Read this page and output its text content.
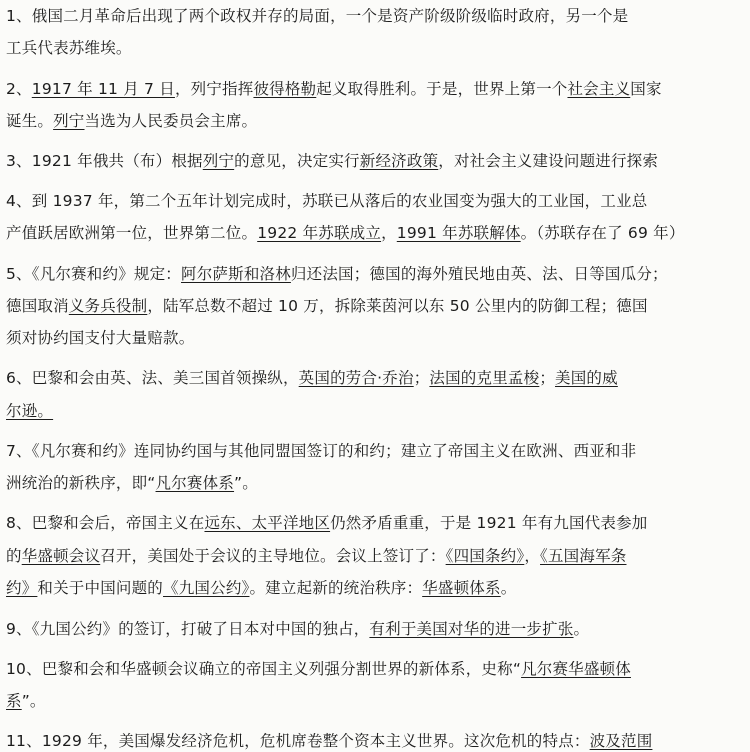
1、俄国二月革命后出现了两个政权并存的局面，一个是资产阶级阶级临时政府，另一个是
工兵代表苏维埃。
2、1917 年 11 月 7 日，列宁指挥彼得格勒起义取得胜利。于是，世界上第一个社会主义国家
诞生。列宁当选为人民委员会主席。
3、1921 年俄共（布）根据列宁的意见，决定实行新经济政策，对社会主义建设问题进行探索
4、到 1937 年，第二个五年计划完成时，苏联已从落后的农业国变为强大的工业国，工业总
产值跃居欧洲第一位，世界第二位。1922 年苏联成立，1991 年苏联解体。（苏联存在了 69 年）
5、《凡尔赛和约》规定：阿尔萨斯和洛林归还法国；德国的海外殖民地由英、法、日等国瓜分；
德国取消义务兵役制，陆军总数不超过 10 万，拆除莱茵河以东 50 公里内的防御工程；德国
须对协约国支付大量赔款。
6、巴黎和会由英、法、美三国首领操纵，英国的劳合·乔治；法国的克里孟梭；美国的威
尔逊。
7、《凡尔赛和约》连同协约国与其他同盟国签订的和约；建立了帝国主义在欧洲、西亚和非
洲统治的新秩序，即“凡尔赛体系”。
8、巴黎和会后，帝国主义在远东、太平洋地区仍然矛盾重重，于是 1921 年有九国代表参加
的华盛顿会议召开，美国处于会议的主导地位。会议上签订了：《四国条约》，《五国海军条
约》和关于中国问题的《九国公约》。建立起新的统治秩序：华盛顿体系。
9、《九国公约》的签订，打破了日本对中国的独占，有利于美国对华的进一步扩张。
10、巴黎和会和华盛顿会议确立的帝国主义列强分割世界的新体系，史称“凡尔赛华盛顿体
系”。
11、1929 年，美国爆发经济危机，危机席卷整个资本主义世界。这次危机的特点：波及范围
